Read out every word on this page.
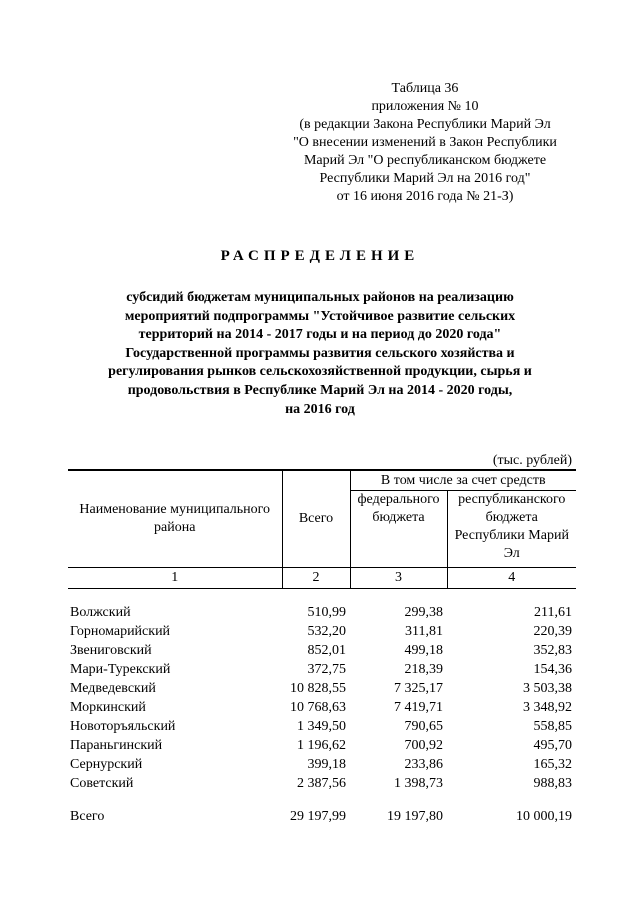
Таблица 36
приложения № 10
(в редакции Закона Республики Марий Эл
"О внесении изменений в Закон Республики
Марий Эл "О республиканском бюджете
Республики Марий Эл на 2016 год"
от 16 июня 2016 года № 21-З)
РАСПРЕДЕЛЕНИЕ
субсидий бюджетам муниципальных районов на реализацию
мероприятий подпрограммы "Устойчивое развитие сельских
территорий на 2014 - 2017 годы и на период до 2020 года"
Государственной программы развития сельского хозяйства и
регулирования рынков сельскохозяйственной продукции, сырья и
продовольствия в Республике Марий Эл на 2014 - 2020 годы,
на 2016 год
(тыс. рублей)
Наименование муниципального района	Всего	В том числе за счет средств	
		федерального бюджета	республиканского бюджета Республики Марий Эл
1	2	3	4

Волжский	510,99	299,38	211,61
Горномарийский	532,20	311,81	220,39
Звениговский	852,01	499,18	352,83
Мари-Турекский	372,75	218,39	154,36
Медведевский	10 828,55	7 325,17	3 503,38
Моркинский	10 768,63	7 419,71	3 348,92
Новоторъяльский	1 349,50	790,65	558,85
Параньгинский	1 196,62	700,92	495,70
Сернурский	399,18	233,86	165,32
Советский	2 387,56	1 398,73	988,83

Всего	29 197,99	19 197,80	10 000,19
